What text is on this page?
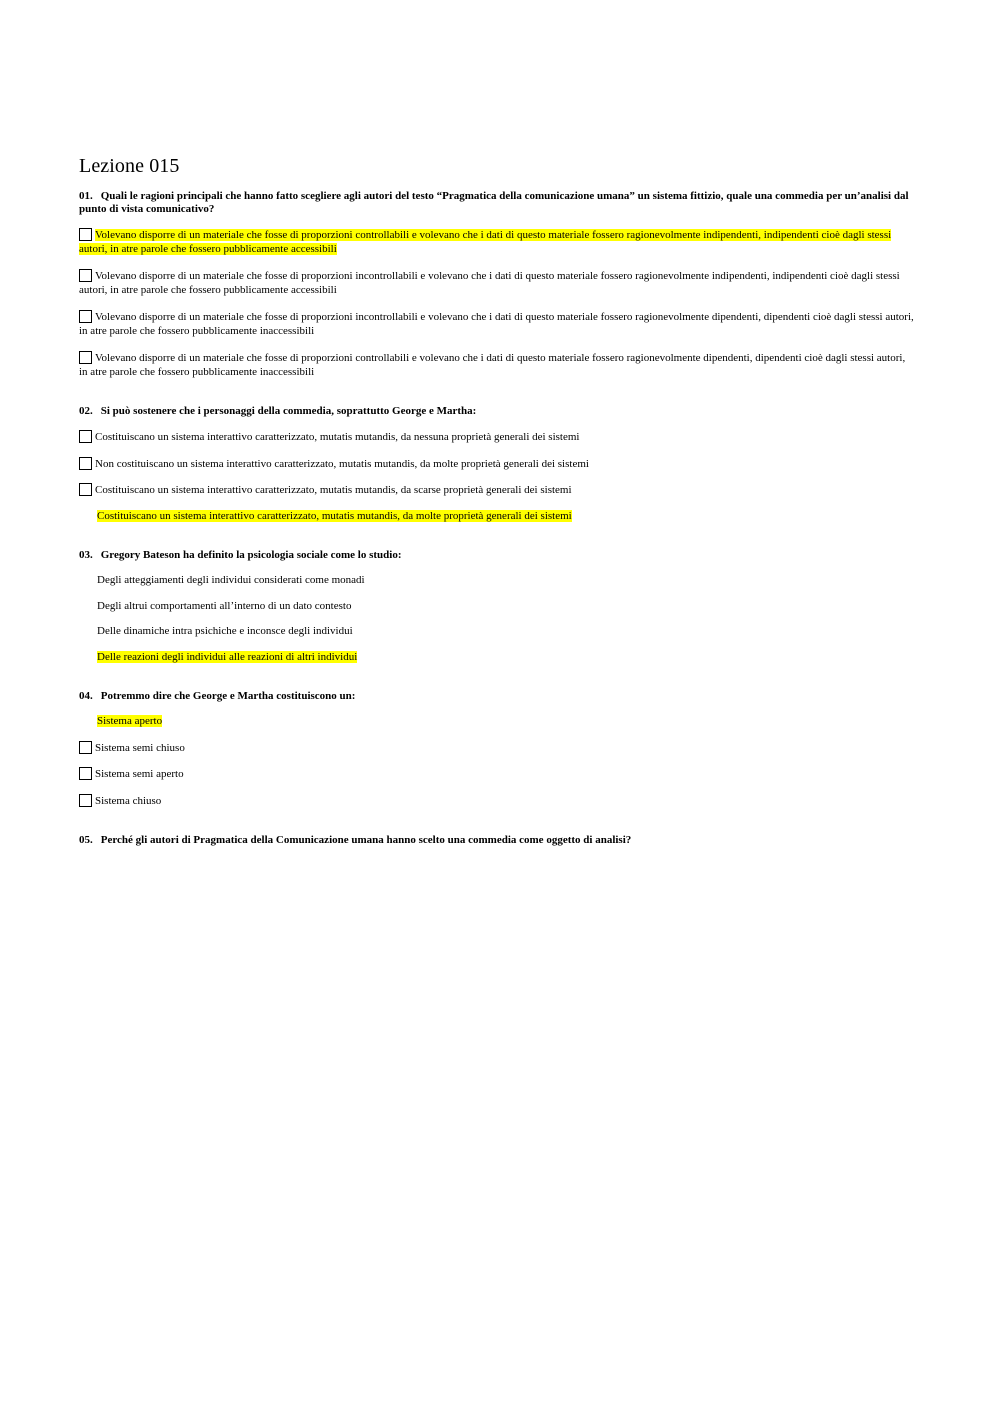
Lezione 015

01. Quali le ragioni principali che hanno fatto scegliere agli autori del testo “Pragmatica della comunicazione umana” un sistema fittizio, quale una commedia per un’analisi dal punto di vista comunicativo?

Volevano disporre di un materiale che fosse di proporzioni controllabili e volevano che i dati di questo materiale fossero ragionevolmente indipendenti, indipendenti cioè dagli stessi autori, in atre parole che fossero pubblicamente accessibili

Volevano disporre di un materiale che fosse di proporzioni incontrollabili e volevano che i dati di questo materiale fossero ragionevolmente indipendenti, indipendenti cioè dagli stessi autori, in atre parole che fossero pubblicamente accessibili

Volevano disporre di un materiale che fosse di proporzioni incontrollabili e volevano che i dati di questo materiale fossero ragionevolmente dipendenti, dipendenti cioè dagli stessi autori, in atre parole che fossero pubblicamente inaccessibili

Volevano disporre di un materiale che fosse di proporzioni controllabili e volevano che i dati di questo materiale fossero ragionevolmente dipendenti, dipendenti cioè dagli stessi autori, in atre parole che fossero pubblicamente inaccessibili

02. Si può sostenere che i personaggi della commedia, soprattutto George e Martha:

Costituiscano un sistema interattivo caratterizzato, mutatis mutandis, da nessuna proprietà generali dei sistemi

Non costituiscano un sistema interattivo caratterizzato, mutatis mutandis, da molte proprietà generali dei sistemi

Costituiscano un sistema interattivo caratterizzato, mutatis mutandis, da scarse proprietà generali dei sistemi

Costituiscano un sistema interattivo caratterizzato, mutatis mutandis, da molte proprietà generali dei sistemi

03. Gregory Bateson ha definito la psicologia sociale come lo studio:

Degli atteggiamenti degli individui considerati come monadi

Degli altrui comportamenti all’interno di un dato contesto

Delle dinamiche intra psichiche e inconsce degli individui

Delle reazioni degli individui alle reazioni di altri individui

04. Potremmo dire che George e Martha costituiscono un:

Sistema aperto

Sistema semi chiuso

Sistema semi aperto

Sistema chiuso

05. Perché gli autori di Pragmatica della Comunicazione umana hanno scelto una commedia come oggetto di analisi?
